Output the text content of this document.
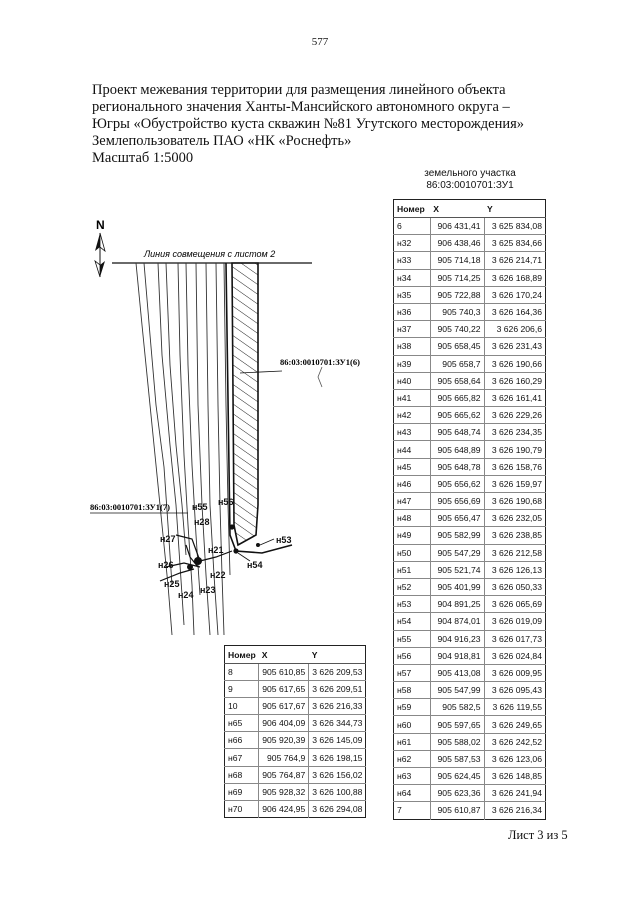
577
Проект межевания территории для размещения линейного объекта
регионального значения Ханты-Мансийского автономного округа –
Югры «Обустройство куста скважин №81 Угутского месторождения»
Землепользователь ПАО «НК «Роснефть»
Масштаб 1:5000
земельного участка
86:03:0010701:ЗУ1
N
Линия совмещения с листом 2
86:03:0010701:ЗУ1(6)
86:03:0010701:ЗУ1(7) н55 н56
н28
н27
н21
н53
н54
н26
н22
н25
н23
н24
Номер	X	Y
6	906 431,41	3 625 834,08
н32	906 438,46	3 625 834,66
н33	905 714,18	3 626 214,71
н34	905 714,25	3 626 168,89
н35	905 722,88	3 626 170,24
н36	905 740,3	3 626 164,36
н37	905 740,22	3 626 206,6
н38	905 658,45	3 626 231,43
н39	905 658,7	3 626 190,66
н40	905 658,64	3 626 160,29
н41	905 665,82	3 626 161,41
н42	905 665,62	3 626 229,26
н43	905 648,74	3 626 234,35
н44	905 648,89	3 626 190,79
н45	905 648,78	3 626 158,76
н46	905 656,62	3 626 159,97
н47	905 656,69	3 626 190,68
н48	905 656,47	3 626 232,05
н49	905 582,99	3 626 238,85
н50	905 547,29	3 626 212,58
н51	905 521,74	3 626 126,13
н52	905 401,99	3 626 050,33
н53	904 891,25	3 626 065,69
н54	904 874,01	3 626 019,09
н55	904 916,23	3 626 017,73
н56	904 918,81	3 626 024,84
н57	905 413,08	3 626 009,95
н58	905 547,99	3 626 095,43
н59	905 582,5	3 626 119,55
н60	905 597,65	3 626 249,65
н61	905 588,02	3 626 242,52
н62	905 587,53	3 626 123,06
н63	905 624,45	3 626 148,85
н64	905 623,36	3 626 241,94
7	905 610,87	3 626 216,34
Номер	X	Y
8	905 610,85	3 626 209,53
9	905 617,65	3 626 209,51
10	905 617,67	3 626 216,33
н65	906 404,09	3 626 344,73
н66	905 920,39	3 626 145,09
н67	905 764,9	3 626 198,15
н68	905 764,87	3 626 156,02
н69	905 928,32	3 626 100,88
н70	906 424,95	3 626 294,08
Лист 3 из 5
